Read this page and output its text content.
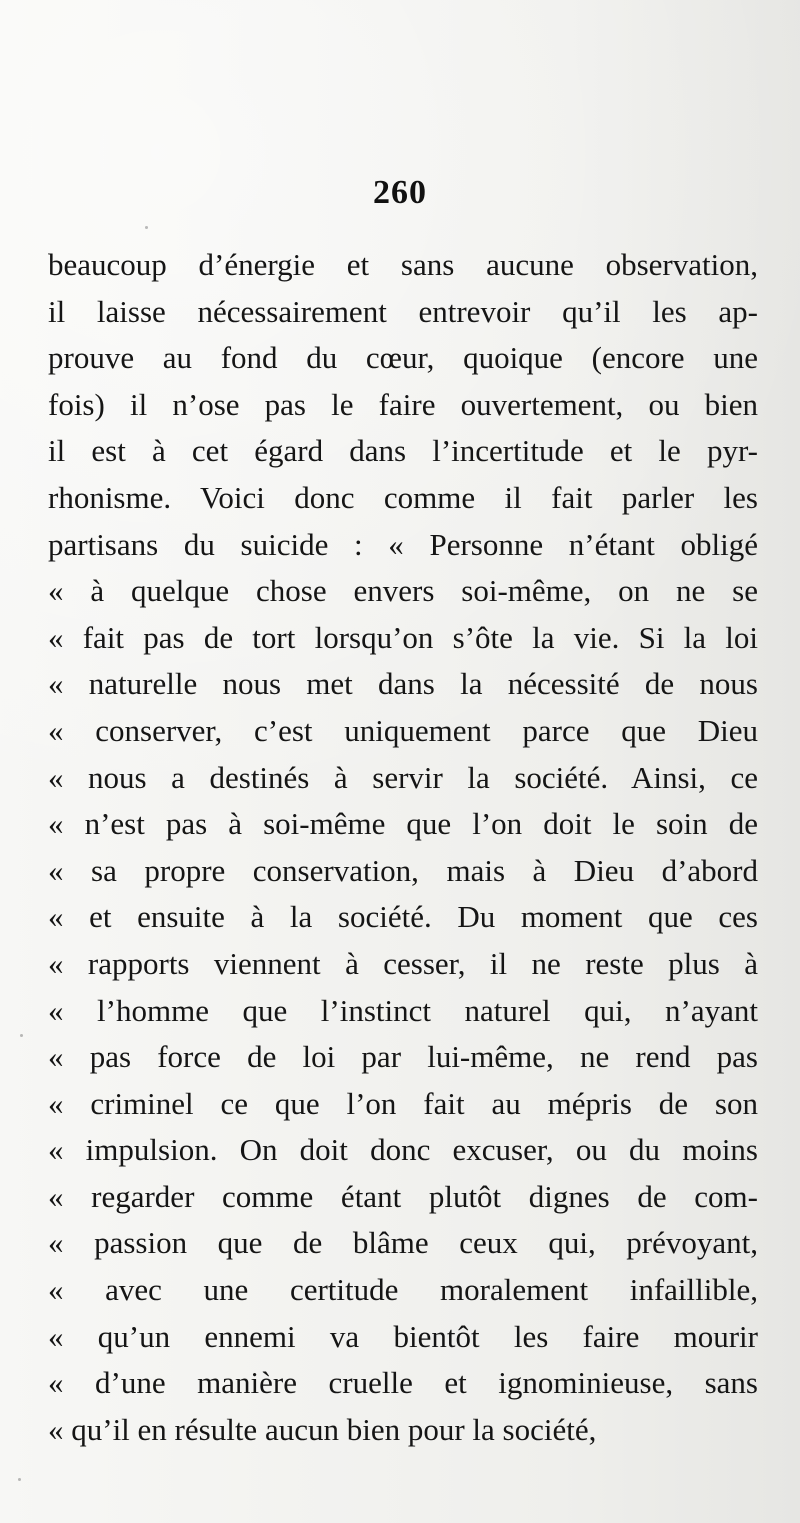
260
beaucoup d’énergie et sans aucune observation,
il laisse nécessairement entrevoir qu’il les ap-
prouve au fond du cœur, quoique (encore une
fois) il n’ose pas le faire ouvertement, ou bien
il est à cet égard dans l’incertitude et le pyr-
rhonisme. Voici donc comme il fait parler les
partisans du suicide : « Personne n’étant obligé
« à quelque chose envers soi-même, on ne se
« fait pas de tort lorsqu’on s’ôte la vie. Si la loi
« naturelle nous met dans la nécessité de nous
« conserver, c’est uniquement parce que Dieu
« nous a destinés à servir la société. Ainsi, ce
« n’est pas à soi-même que l’on doit le soin de
« sa propre conservation, mais à Dieu d’abord
« et ensuite à la société. Du moment que ces
« rapports viennent à cesser, il ne reste plus à
« l’homme que l’instinct naturel qui, n’ayant
« pas force de loi par lui-même, ne rend pas
« criminel ce que l’on fait au mépris de son
« impulsion. On doit donc excuser, ou du moins
« regarder comme étant plutôt dignes de com-
« passion que de blâme ceux qui, prévoyant,
« avec une certitude moralement infaillible,
« qu’un ennemi va bientôt les faire mourir
« d’une manière cruelle et ignominieuse, sans
« qu’il en résulte aucun bien pour la société,
